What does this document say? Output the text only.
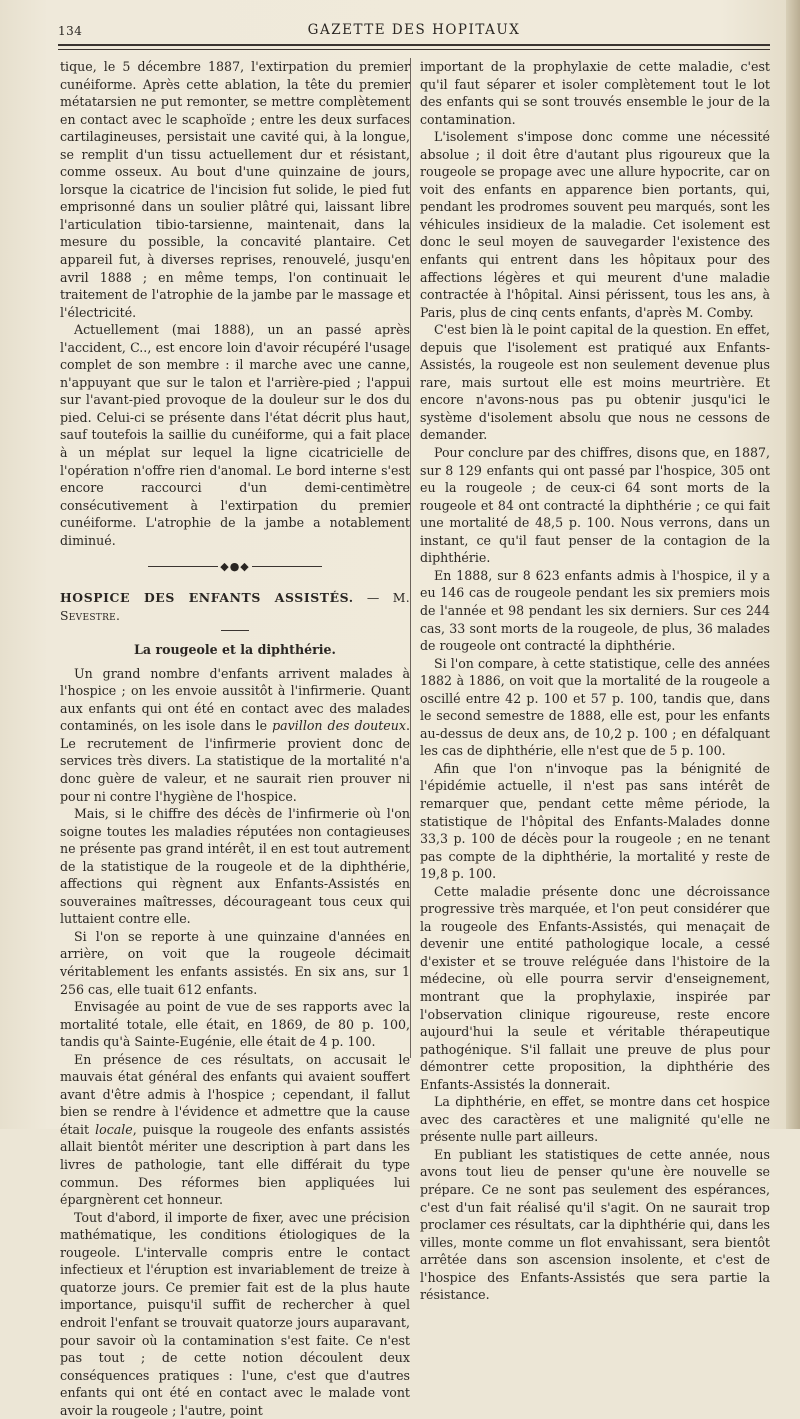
134	GAZETTE DES HOPITAUX

tique, le 5 décembre 1887, l'extirpation du premier cunéiforme. Après cette ablation, la tête du premier métatarsien ne put remonter, se mettre complètement en contact avec le scaphoïde ; entre les deux surfaces cartilagineuses, persistait une cavité qui, à la longue, se remplit d'un tissu actuellement dur et résistant, comme osseux. Au bout d'une quinzaine de jours, lorsque la cicatrice de l'incision fut solide, le pied fut emprisonné dans un soulier plâtré qui, laissant libre l'articulation tibio-tarsienne, maintenait, dans la mesure du possible, la concavité plantaire. Cet appareil fut, à diverses reprises, renouvelé, jusqu'en avril 1888 ; en même temps, l'on continuait le traitement de l'atrophie de la jambe par le massage et l'électricité.

Actuellement (mai 1888), un an passé après l'accident, C.., est encore loin d'avoir récupéré l'usage complet de son membre : il marche avec une canne, n'appuyant que sur le talon et l'arrière-pied ; l'appui sur l'avant-pied provoque de la douleur sur le dos du pied. Celui-ci se présente dans l'état décrit plus haut, sauf toutefois la saillie du cunéiforme, qui a fait place à un méplat sur lequel la ligne cicatricielle de l'opération n'offre rien d'anomal. Le bord interne s'est encore raccourci d'un demi-centimètre consécutivement à l'extirpation du premier cunéiforme. L'atrophie de la jambe a notablement diminué.

◆●◆

HOSPICE DES ENFANTS ASSISTÉS. — M. Sevestre.

La rougeole et la diphthérie.

Un grand nombre d'enfants arrivent malades à l'hospice ; on les envoie aussitôt à l'infirmerie. Quant aux enfants qui ont été en contact avec des malades contaminés, on les isole dans le pavillon des douteux. Le recrutement de l'infirmerie provient donc de services très divers. La statistique de la mortalité n'a donc guère de valeur, et ne saurait rien prouver ni pour ni contre l'hygiène de l'hospice.

Mais, si le chiffre des décès de l'infirmerie où l'on soigne toutes les maladies réputées non contagieuses ne présente pas grand intérêt, il en est tout autrement de la statistique de la rougeole et de la diphthérie, affections qui règnent aux Enfants-Assistés en souveraines maîtresses, décourageant tous ceux qui luttaient contre elle.

Si l'on se reporte à une quinzaine d'années en arrière, on voit que la rougeole décimait véritablement les enfants assistés. En six ans, sur 1 256 cas, elle tuait 612 enfants.

Envisagée au point de vue de ses rapports avec la mortalité totale, elle était, en 1869, de 80 p. 100, tandis qu'à Sainte-Eugénie, elle était de 4 p. 100.

En présence de ces résultats, on accusait le mauvais état général des enfants qui avaient souffert avant d'être admis à l'hospice ; cependant, il fallut bien se rendre à l'évidence et admettre que la cause était locale, puisque la rougeole des enfants assistés allait bientôt mériter une description à part dans les livres de pathologie, tant elle différait du type commun. Des réformes bien appliquées lui épargnèrent cet honneur.

Tout d'abord, il importe de fixer, avec une précision mathématique, les conditions étiologiques de la rougeole. L'intervalle compris entre le contact infectieux et l'éruption est invariablement de treize à quatorze jours. Ce premier fait est de la plus haute importance, puisqu'il suffit de rechercher à quel endroit l'enfant se trouvait quatorze jours auparavant, pour savoir où la contamination s'est faite. Ce n'est pas tout ; de cette notion découlent deux conséquences pratiques : l'une, c'est que d'autres enfants qui ont été en contact avec le malade vont avoir la rougeole ; l'autre, point

important de la prophylaxie de cette maladie, c'est qu'il faut séparer et isoler complètement tout le lot des enfants qui se sont trouvés ensemble le jour de la contamination.

L'isolement s'impose donc comme une nécessité absolue ; il doit être d'autant plus rigoureux que la rougeole se propage avec une allure hypocrite, car on voit des enfants en apparence bien portants, qui, pendant les prodromes souvent peu marqués, sont les véhicules insidieux de la maladie. Cet isolement est donc le seul moyen de sauvegarder l'existence des enfants qui entrent dans les hôpitaux pour des affections légères et qui meurent d'une maladie contractée à l'hôpital. Ainsi périssent, tous les ans, à Paris, plus de cinq cents enfants, d'après M. Comby.

C'est bien là le point capital de la question. En effet, depuis que l'isolement est pratiqué aux Enfants-Assistés, la rougeole est non seulement devenue plus rare, mais surtout elle est moins meurtrière. Et encore n'avons-nous pas pu obtenir jusqu'ici le système d'isolement absolu que nous ne cessons de demander.

Pour conclure par des chiffres, disons que, en 1887, sur 8 129 enfants qui ont passé par l'hospice, 305 ont eu la rougeole ; de ceux-ci 64 sont morts de la rougeole et 84 ont contracté la diphthérie ; ce qui fait une mortalité de 48,5 p. 100. Nous verrons, dans un instant, ce qu'il faut penser de la contagion de la diphthérie.

En 1888, sur 8 623 enfants admis à l'hospice, il y a eu 146 cas de rougeole pendant les six premiers mois de l'année et 98 pendant les six derniers. Sur ces 244 cas, 33 sont morts de la rougeole, de plus, 36 malades de rougeole ont contracté la diphthérie.

Si l'on compare, à cette statistique, celle des années 1882 à 1886, on voit que la mortalité de la rougeole a oscillé entre 42 p. 100 et 57 p. 100, tandis que, dans le second semestre de 1888, elle est, pour les enfants au-dessus de deux ans, de 10,2 p. 100 ; en défalquant les cas de diphthérie, elle n'est que de 5 p. 100.

Afin que l'on n'invoque pas la bénignité de l'épidémie actuelle, il n'est pas sans intérêt de remarquer que, pendant cette même période, la statistique de l'hôpital des Enfants-Malades donne 33,3 p. 100 de décès pour la rougeole ; en ne tenant pas compte de la diphthérie, la mortalité y reste de 19,8 p. 100.

Cette maladie présente donc une décroissance progressive très marquée, et l'on peut considérer que la rougeole des Enfants-Assistés, qui menaçait de devenir une entité pathologique locale, a cessé d'exister et se trouve reléguée dans l'histoire de la médecine, où elle pourra servir d'enseignement, montrant que la prophylaxie, inspirée par l'observation clinique rigoureuse, reste encore aujourd'hui la seule et véritable thérapeutique pathogénique. S'il fallait une preuve de plus pour démontrer cette proposition, la diphthérie des Enfants-Assistés la donnerait.

La diphthérie, en effet, se montre dans cet hospice avec des caractères et une malignité qu'elle ne présente nulle part ailleurs.

En publiant les statistiques de cette année, nous avons tout lieu de penser qu'une ère nouvelle se prépare. Ce ne sont pas seulement des espérances, c'est d'un fait réalisé qu'il s'agit. On ne saurait trop proclamer ces résultats, car la diphthérie qui, dans les villes, monte comme un flot envahissant, sera bientôt arrêtée dans son ascension insolente, et c'est de l'hospice des Enfants-Assistés que sera partie la résistance.
